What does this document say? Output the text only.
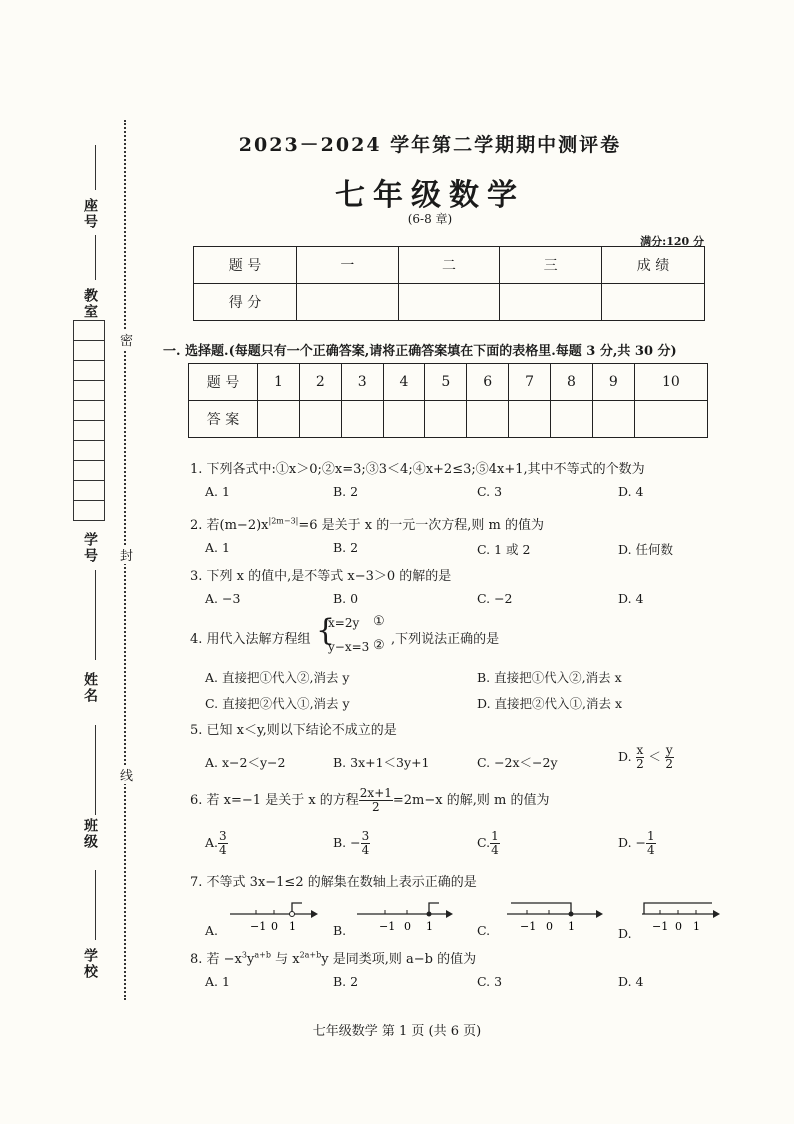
座号
教室
学号
姓名
班级
学校
密
封
线
2023－2024 学年第二学期期中测评卷
七年级数学
(6-8 章)
满分:120 分
题 号	一	二	三	成 绩
得 分				
一. 选择题.(每题只有一个正确答案,请将正确答案填在下面的表格里.每题 3 分,共 30 分)
题 号	1	2	3	4	5	6	7	8	9	10
答 案										
1. 下列各式中:①x＞0;②x=3;③3＜4;④x+2≤3;⑤4x+1,其中不等式的个数为
A. 1	B. 2	C. 3	D. 4
2. 若$(m-2)x^{|2m-3|}=6$ 是关于 x 的一元一次方程,则 m 的值为
A. 1	B. 2	C. 1 或 2	D. 任何数
3. 下列 x 的值中,是不等式 x−3＞0 的解的是
A. −3	B. 0	C. −2	D. 4
4. 用代入法解方程组 {
x=2y
y−x=3
①
② ,下列说法正确的是
A. 直接把①代入②,消去 y	B. 直接把①代入②,消去 x
C. 直接把②代入①,消去 y	D. 直接把②代入①,消去 x
5. 已知 x＜y,则以下结论不成立的是
A. x−2＜y−2	B. 3x+1＜3y+1	C. −2x＜−2y	D. $\frac{x}{2} < \frac{y}{2}$
6. 若 x=−1 是关于 x 的方程 $\frac{2x+1}{2} =2m-x$ 的解,则 m 的值为
A. $\frac{3}{4}$	B. − $\frac{3}{4}$	C. $\frac{1}{4}$	D. − $\frac{1}{4}$
7. 不等式 3x−1≤2 的解集在数轴上表示正确的是
A.	B.	C.	D.
−1 0 1	−1 0 1	−1 0 1	−1 0 1
8. 若 $-x^3y^{a+b}$ 与 $x^{2a+b}y$ 是同类项,则 a−b 的值为
A. 1	B. 2	C. 3	D. 4
七年级数学 第 1 页 (共 6 页)
